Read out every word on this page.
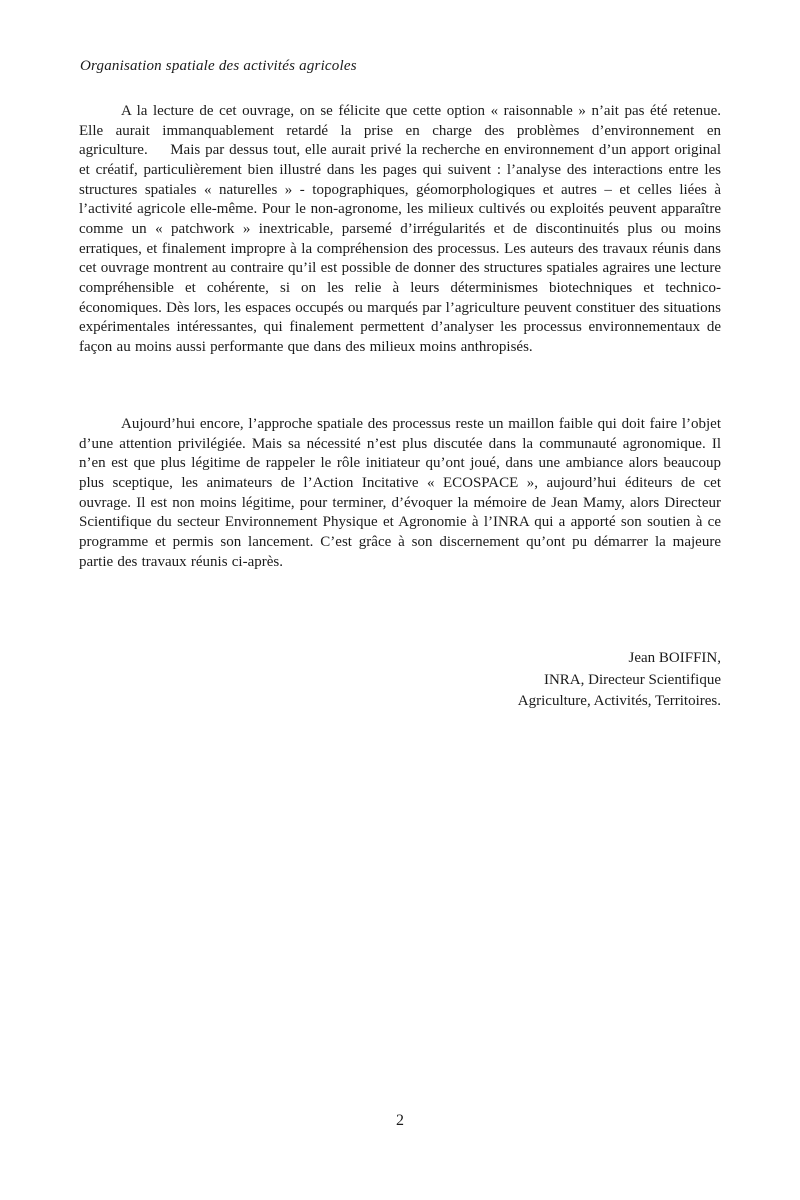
Organisation spatiale des activités agricoles
A la lecture de cet ouvrage, on se félicite que cette option « raisonnable » n’ait pas été retenue. Elle aurait immanquablement retardé la prise en charge des problèmes d’environnement en agriculture.  Mais par dessus tout, elle aurait privé la recherche en environnement d’un apport original et créatif, particulièrement bien illustré dans les pages qui suivent : l’analyse des interactions entre les structures spatiales « naturelles » - topographiques, géomorphologiques et autres – et celles liées à l’activité agricole elle-même. Pour le non-agronome, les milieux cultivés ou exploités peuvent apparaître comme un « patchwork » inextricable, parsemé d’irrégularités et de discontinuités plus ou moins erratiques, et finalement impropre à la compréhension des processus. Les auteurs des travaux réunis dans cet ouvrage montrent au contraire qu’il est possible de donner des structures spatiales agraires une lecture compréhensible et cohérente, si on les relie à leurs déterminismes biotechniques et technico-économiques. Dès lors, les espaces occupés ou marqués par l’agriculture peuvent constituer des situations expérimentales intéressantes, qui finalement permettent d’analyser les processus environnementaux de façon au moins aussi performante que dans des milieux moins anthropisés.
Aujourd’hui encore, l’approche spatiale des processus reste un maillon faible qui doit faire l’objet d’une attention privilégiée. Mais sa nécessité n’est plus discutée dans la communauté agronomique. Il n’en est que plus légitime de rappeler le rôle initiateur qu’ont joué, dans une ambiance alors beaucoup plus sceptique, les animateurs de l’Action Incitative « ECOSPACE », aujourd’hui éditeurs de cet ouvrage. Il est non moins légitime, pour terminer, d’évoquer la mémoire de Jean Mamy, alors Directeur Scientifique du secteur Environnement Physique et Agronomie à l’INRA qui a apporté son soutien à ce programme et permis son lancement. C’est grâce à son discernement qu’ont pu démarrer la majeure partie des travaux réunis ci-après.
Jean BOIFFIN,
INRA, Directeur Scientifique
Agriculture, Activités, Territoires.
2
